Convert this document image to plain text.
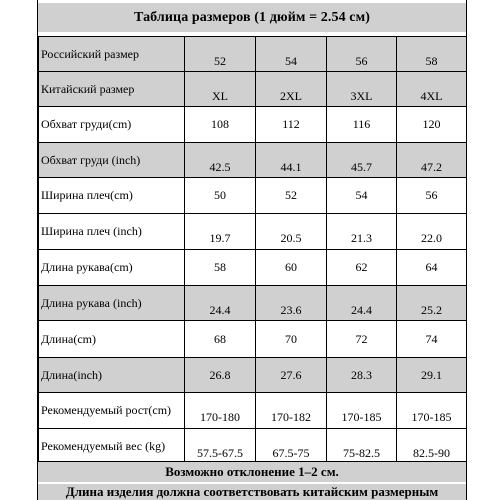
Таблица размеров (1 дюйм = 2.54 см)
Российский размер	52	54	56	58
Китайский размер	XL	2XL	3XL	4XL
Обхват груди(cm)	108	112	116	120
Обхват груди (inch)	42.5	44.1	45.7	47.2
Ширина плеч(cm)	50	52	54	56
Ширина плеч (inch)	19.7	20.5	21.3	22.0
Длина рукава(cm)	58	60	62	64
Длина рукава (inch)	24.4	23.6	24.4	25.2
Длина(cm)	68	70	72	74
Длина(inch)	26.8	27.6	28.3	29.1
Рекомендуемый рост(cm)	170-180	170-182	170-185	170-185
Рекомендуемый вес (kg)	57.5-67.5	67.5-75	75-82.5	82.5-90
Возможно отклонение 1–2 см.
Длина изделия должна соответствовать китайским размерным
